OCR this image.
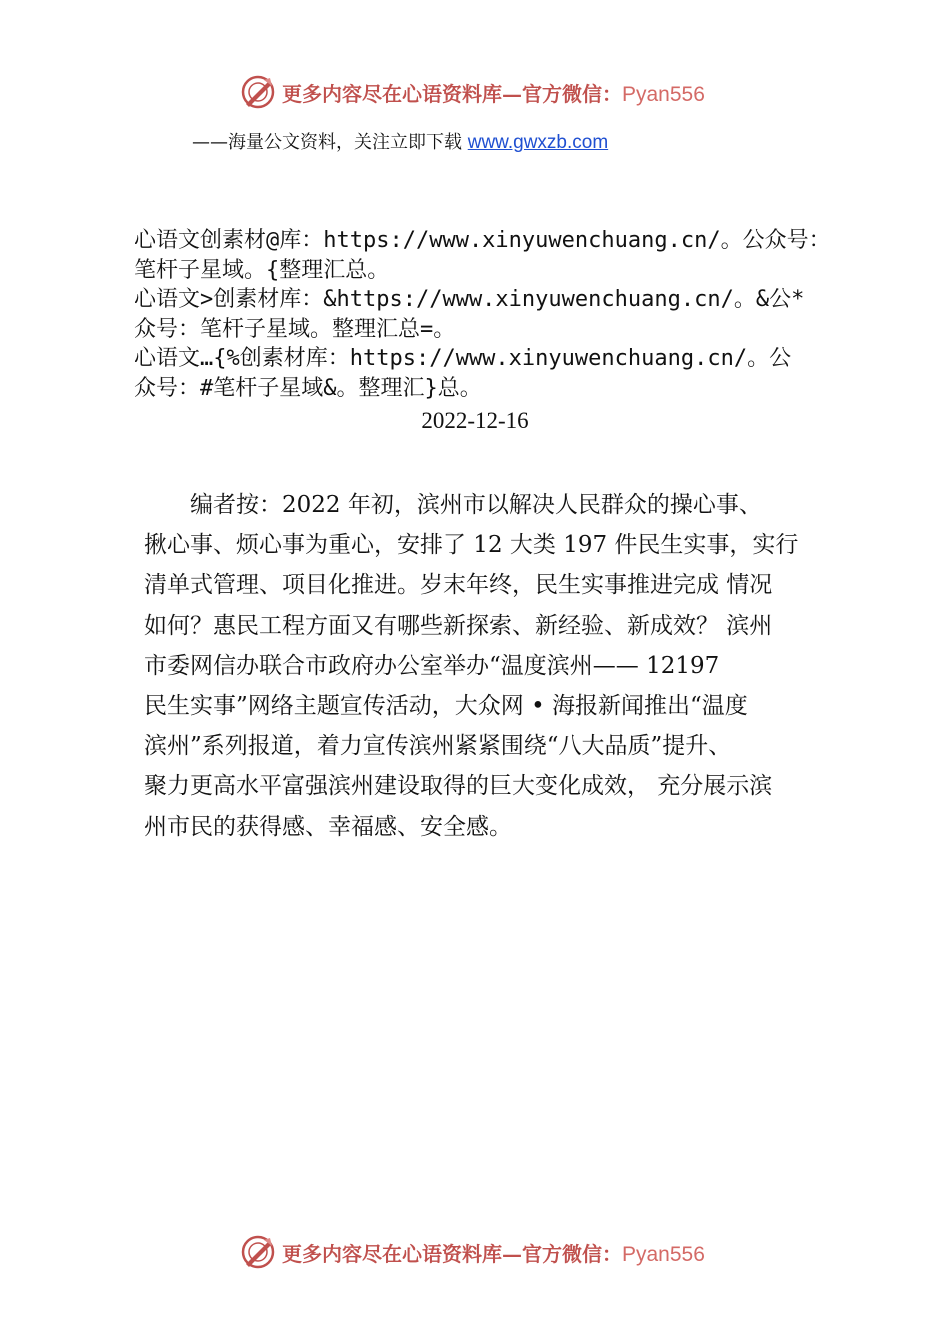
更多内容尽在心语资料库—官方微信：Pyan556
——海量公文资料，关注立即下载 www.gwxzb.com

心语文创素材@库：https://www.xinyuwenchuang.cn/。公众号：

笔杆子星域。{整理汇总。

心语文>创素材库：&https://www.xinyuwenchuang.cn/。&公*

众号：笔杆子星域。整理汇总=。

心语文…{%创素材库：https://www.xinyuwenchuang.cn/。公

众号：#笔杆子星域&。整理汇}总。

2022-12-16

　　编者按：2022 年初，滨州市以解决人民群众的操心事、

揪心事、烦心事为重心，安排了 12 大类 197 件民生实事，实行

清单式管理、项目化推进。岁末年终，民生实事推进完成 情况

如何？惠民工程方面又有哪些新探索、新经验、新成效？ 滨州

市委网信办联合市政府办公室举办“温度滨州—— 12197

民生实事”网络主题宣传活动，大众网 • 海报新闻推出“温度

滨州”系列报道，着力宣传滨州紧紧围绕“八大品质”提升、

聚力更高水平富强滨州建设取得的巨大变化成效， 充分展示滨

州市民的获得感、幸福感、安全感。

更多内容尽在心语资料库—官方微信：Pyan556
